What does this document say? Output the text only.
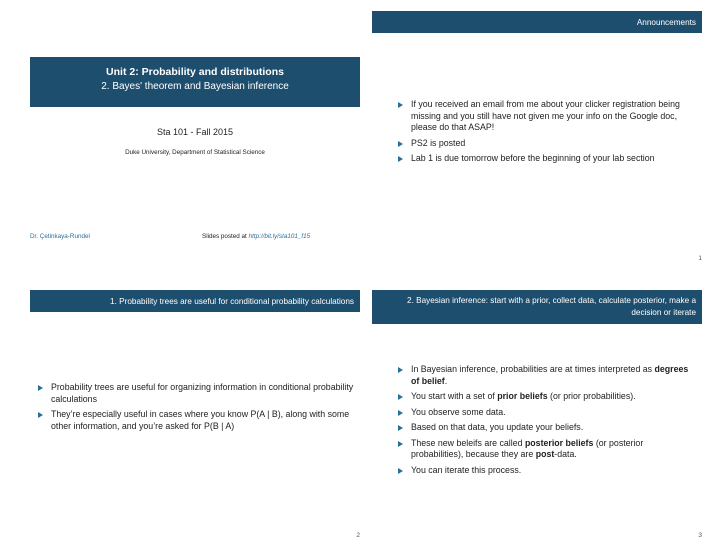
Unit 2: Probability and distributions
2. Bayes' theorem and Bayesian inference
Sta 101 - Fall 2015
Duke University, Department of Statistical Science
Dr. Çetinkaya-Rundel	Slides posted at http://bit.ly/sta101_f15
Announcements
If you received an email from me about your clicker registration being missing and you still have not given me your info on the Google doc, please do that ASAP!
PS2 is posted
Lab 1 is due tomorrow before the beginning of your lab section
1
1. Probability trees are useful for conditional probability calculations
Probability trees are useful for organizing information in conditional probability calculations
They’re especially useful in cases where you know P(A | B), along with some other information, and you’re asked for P(B | A)
2
2. Bayesian inference: start with a prior, collect data, calculate posterior, make a decision or iterate
In Bayesian inference, probabilities are at times interpreted as degrees of belief.
You start with a set of prior beliefs (or prior probabilities).
You observe some data.
Based on that data, you update your beliefs.
These new beleifs are called posterior beliefs (or posterior probabilities), because they are post-data.
You can iterate this process.
3
